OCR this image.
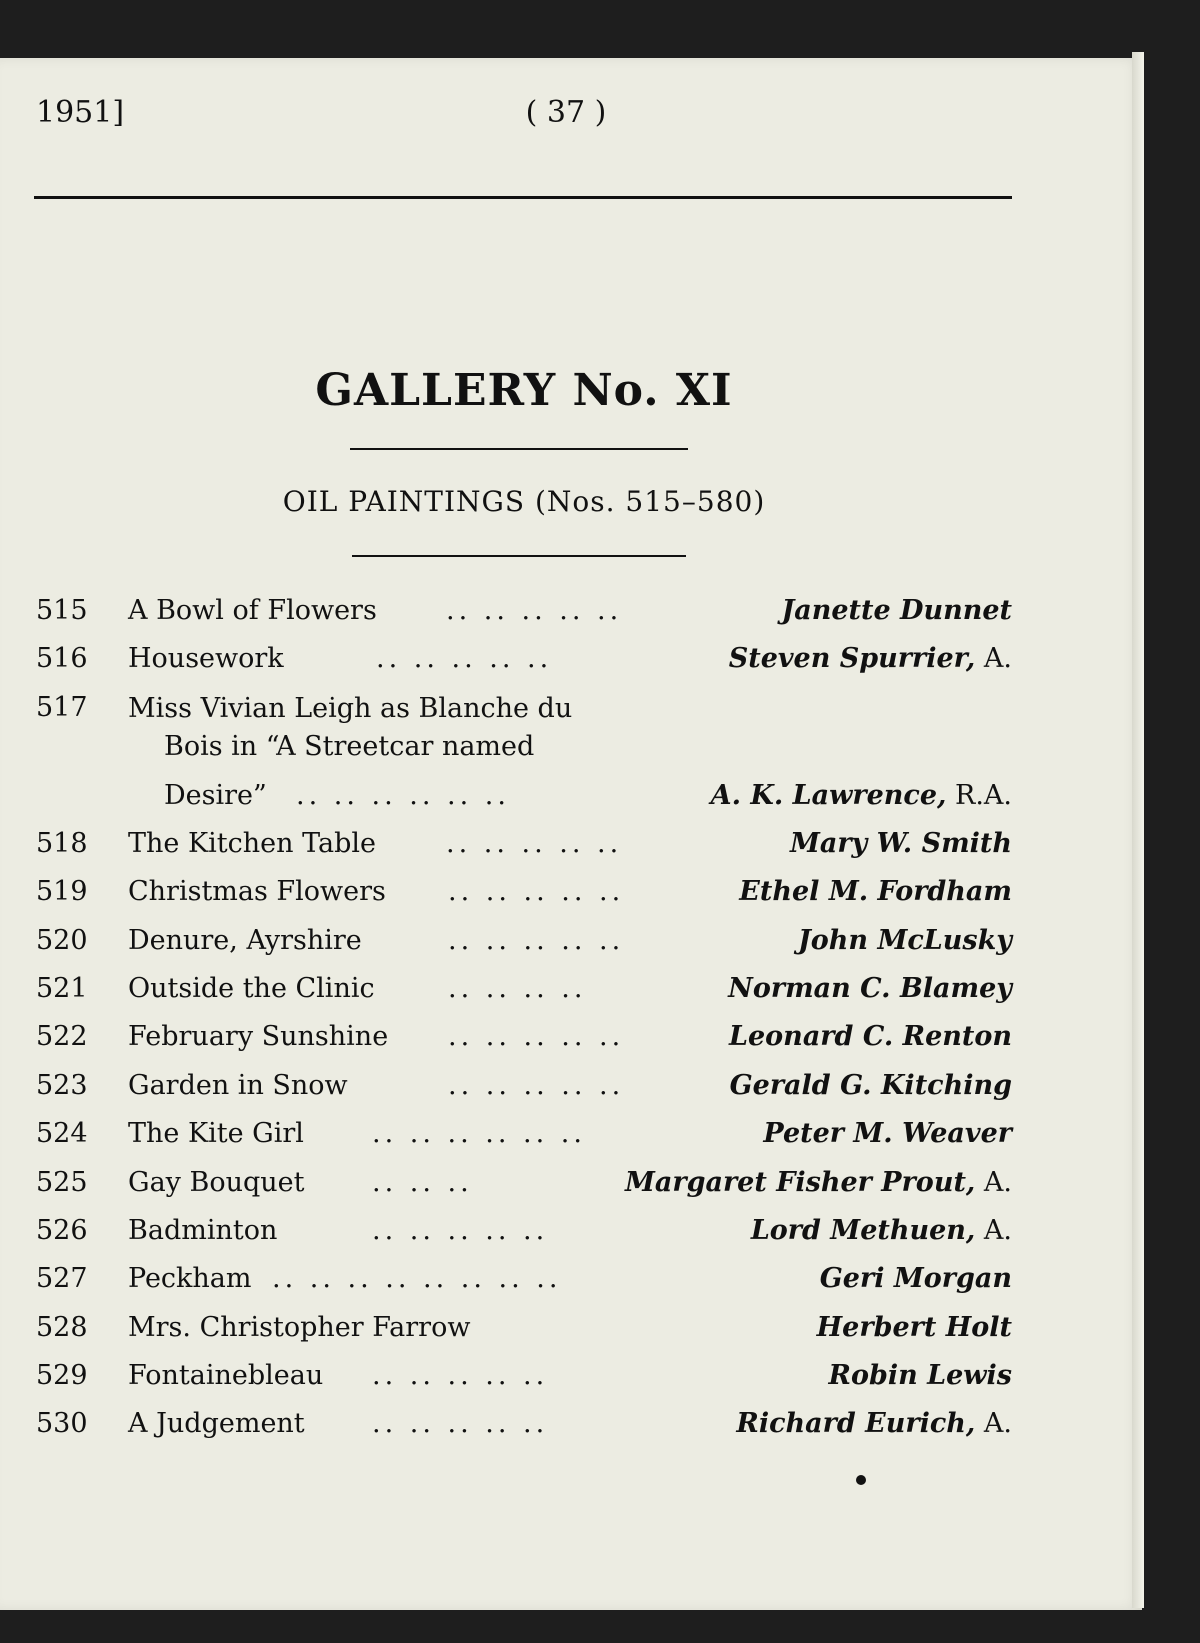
1951]	( 37 )
GALLERY No. XI
OIL PAINTINGS (Nos. 515–580)
515	A Bowl of Flowers	.. .. .. .. ..	Janette Dunnet
516	Housework	.. .. .. .. ..	Steven Spurrier, A.
517	Miss Vivian Leigh as Blanche du
Bois in “A Streetcar named
Desire”	.. .. .. .. .. ..	A. K. Lawrence, R.A.
518	The Kitchen Table	.. .. .. .. ..	Mary W. Smith
519	Christmas Flowers .. .. .. .. ..	Ethel M. Fordham
520	Denure, Ayrshire	.. .. .. .. ..	John McLusky
521	Outside the Clinic	.. .. .. ..	Norman C. Blamey
522	February Sunshine .. .. .. .. ..	Leonard C. Renton
523	Garden in Snow	.. .. .. .. ..	Gerald G. Kitching
524	The Kite Girl	.. .. .. .. .. ..	Peter M. Weaver
525	Gay Bouquet	.. .. ..	Margaret Fisher Prout, A.
526	Badminton	.. .. .. .. ..	Lord Methuen, A.
527	Peckham .. .. .. .. .. .. .. ..	Geri Morgan
528	Mrs. Christopher Farrow	Herbert Holt
529	Fontainebleau .. .. .. .. ..	Robin Lewis
530	A Judgement .. .. .. .. ..	Richard Eurich, A.
